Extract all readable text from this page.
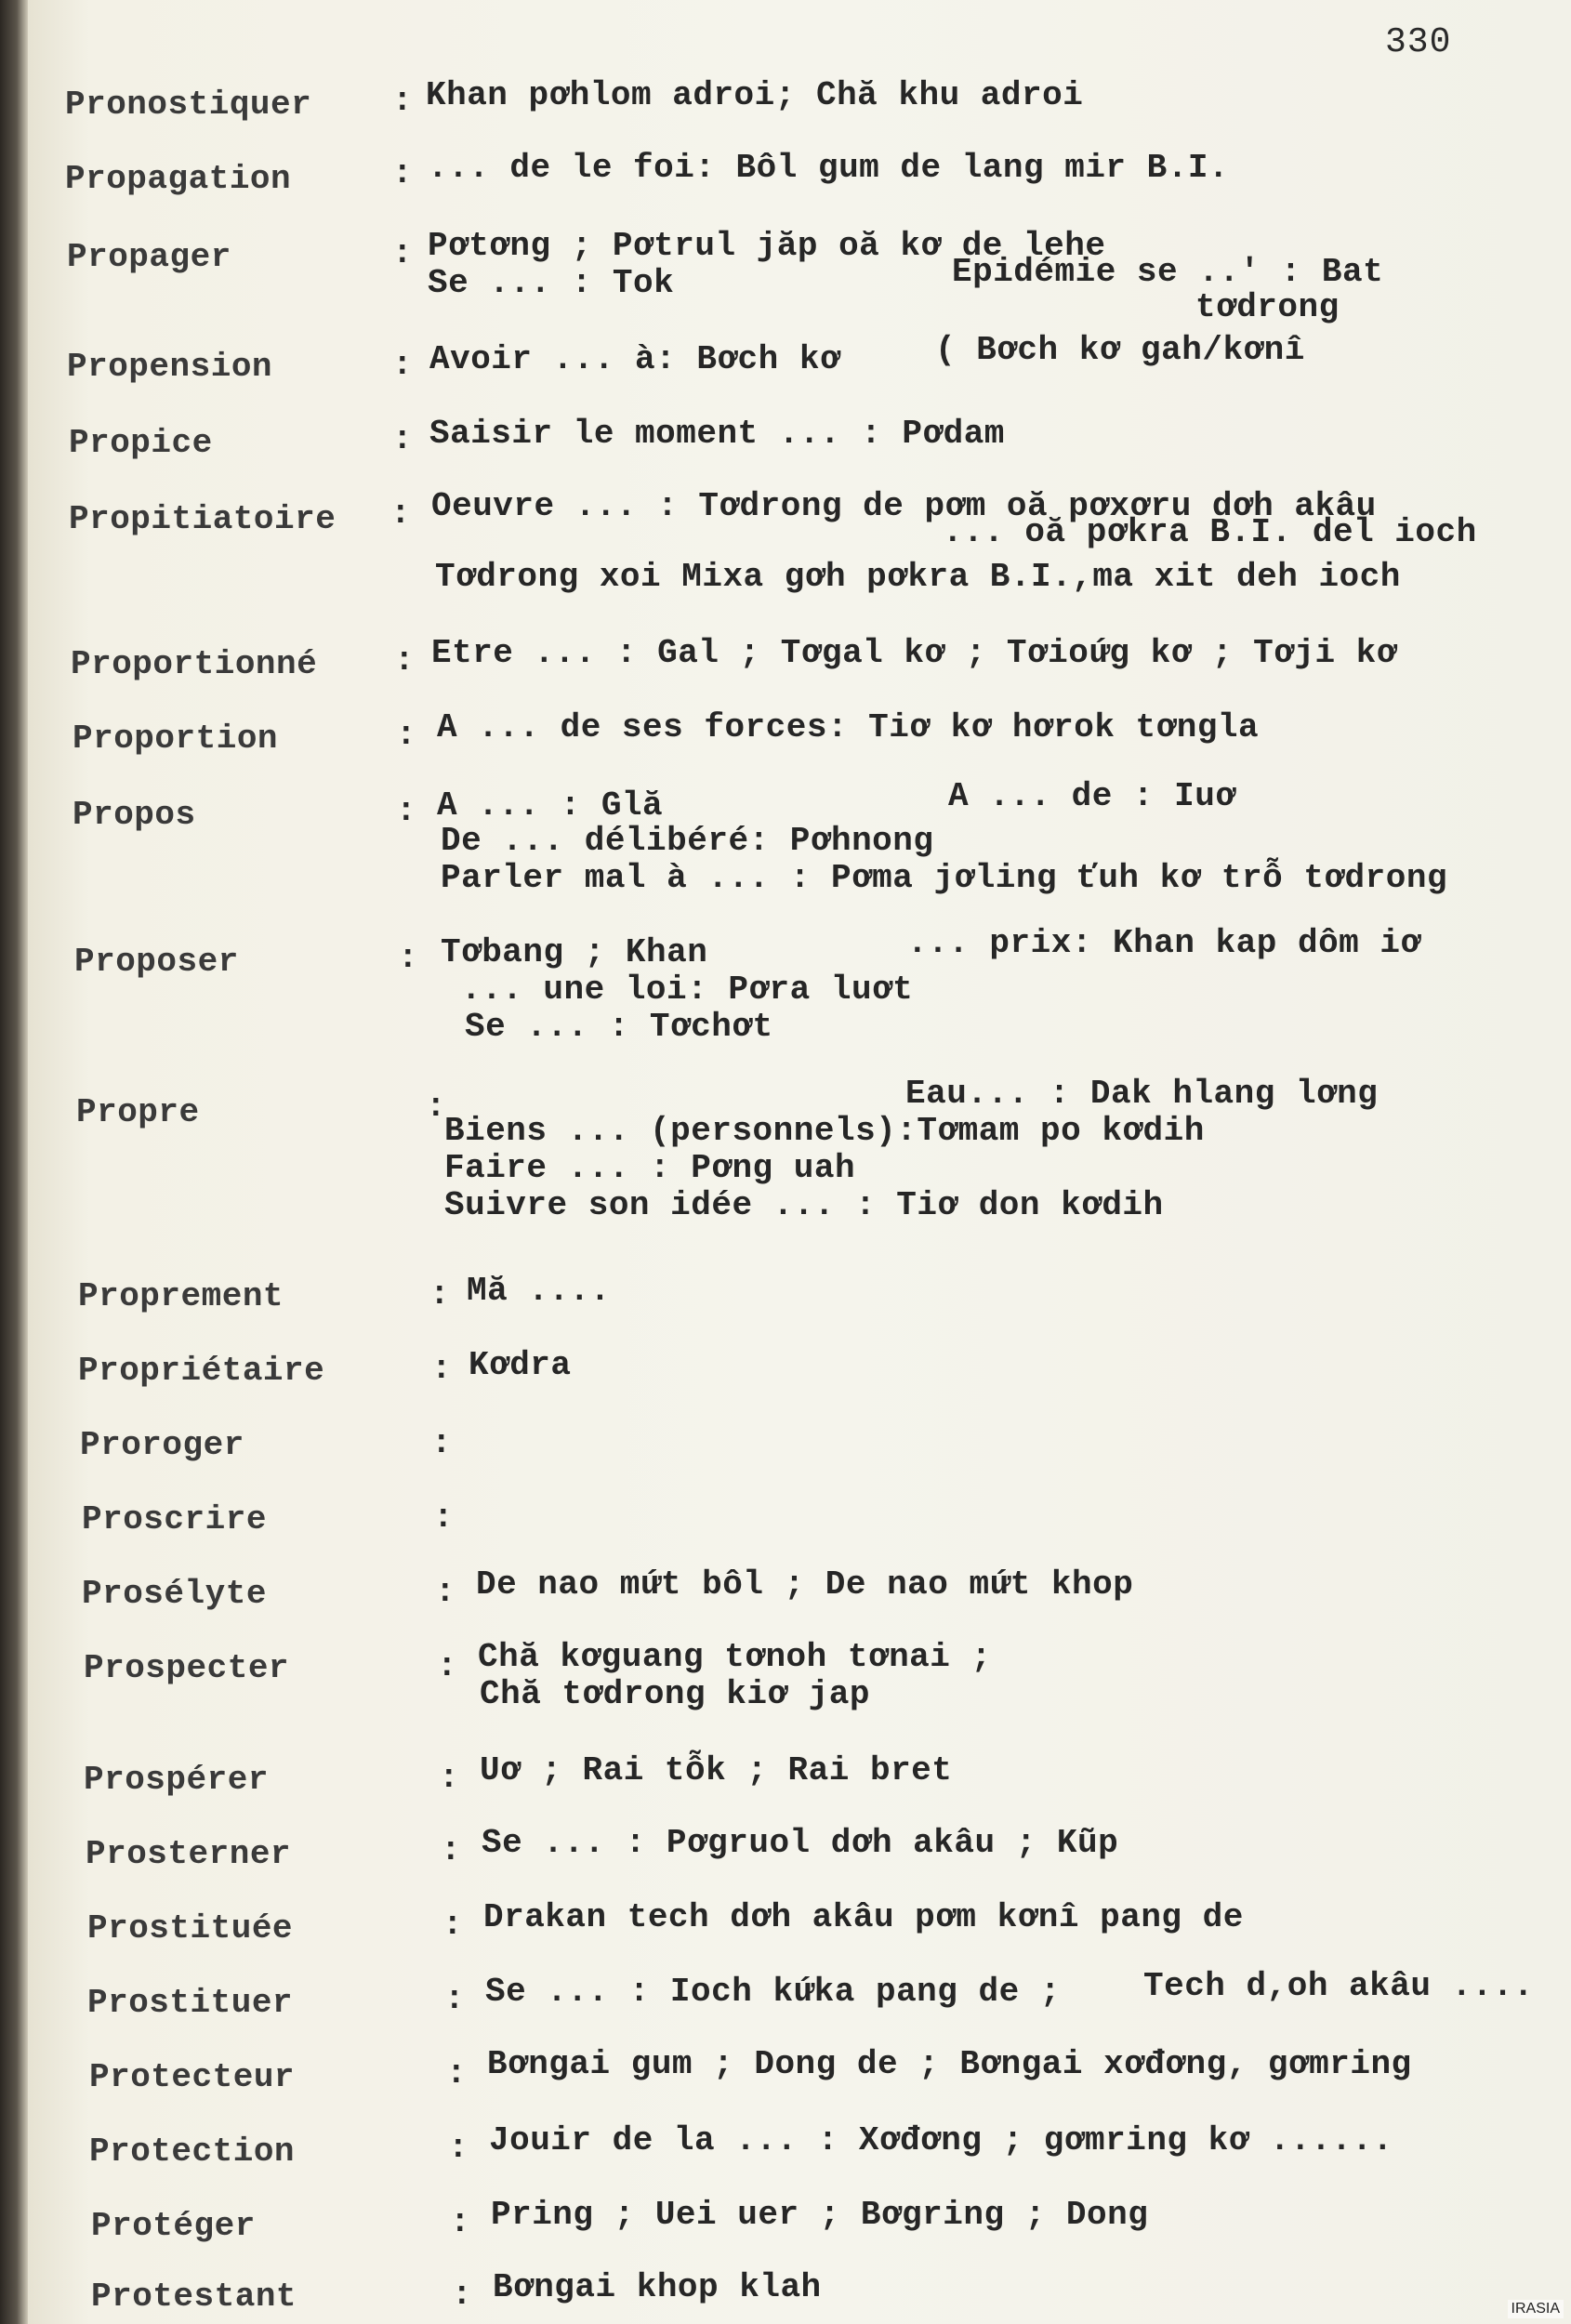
330
Pronostiquer : Khan pơhlom adroi; Chă khu adroi
Propagation	: ... de le foi: Bôl gum de lang mir B.I.
Propager	: Pơtơng ; Pơtrul jăp oă kơ de lehe
Se ... : Tok	Epidémie se ..' : Bat
tơdrong
Propension	: Avoir ... à: Bơch kơ	( Bơch kơ gah/kơnî
Propice	: Saisir le moment ... : Pơdam
Propitiatoire : Oeuvre ... : Tơdrong de pơm oă pơxơru dơh akâu
... oă pơkra B.I. del ioch
Tơdrong xoi Mixa gơh pơkra B.I.,ma xit deh ioch
Proportionné : Etre ... : Gal ; Tơgal kơ ; Tơioứg kơ ; Tơji kơ
Proportion	: A ... de ses forces: Tiơ kơ hơrok tơngla
Propos	: A ... : Glă	A ... de : Iuơ
De ... délibéré: Pơhnong
Parler mal à ... : Pơma jơling ťuh kơ trỗ tơdrong
Proposer	: Tơbang ; Khan	... prix: Khan kap dôm iơ
... une loi: Pơra luơt
Se ... : Tơchơt
Propre	:	Eau... : Dak hlang lơng
Biens ... (personnels):Tơmam po kơdih
Faire ... : Pơng uah
Suivre son idée ... : Tiơ don kơdih
Proprement	: Mă ....
Propriétaire	: Kơdra
Proroger	:
Proscrire	:
Prosélyte	: De nao mứt bôl ; De nao mứt khop
Prospecter	: Chă kơguang tơnoh tơnai ;
Chă tơdrong kiơ jap
Prospérer	: Uơ ; Rai tỗk ; Rai bret
Prosterner	: Se ... : Pơgruol dơh akâu ; Kũp
Prostituée	: Drakan tech dơh akâu pơm kơnî pang de
Prostituer	: Se ... : Ioch kứka pang de ; Tech d,oh akâu ....
Protecteur	: Bơngai gum ; Dong de ; Bơngai xơđơng, gơmring
Protection	: Jouir de la ... : Xơđơng ; gơmring kơ ......
Protéger	: Pring ; Uei uer ; Bơgring ; Dong
Protestant	: Bơngai khop klah
IRASIA
